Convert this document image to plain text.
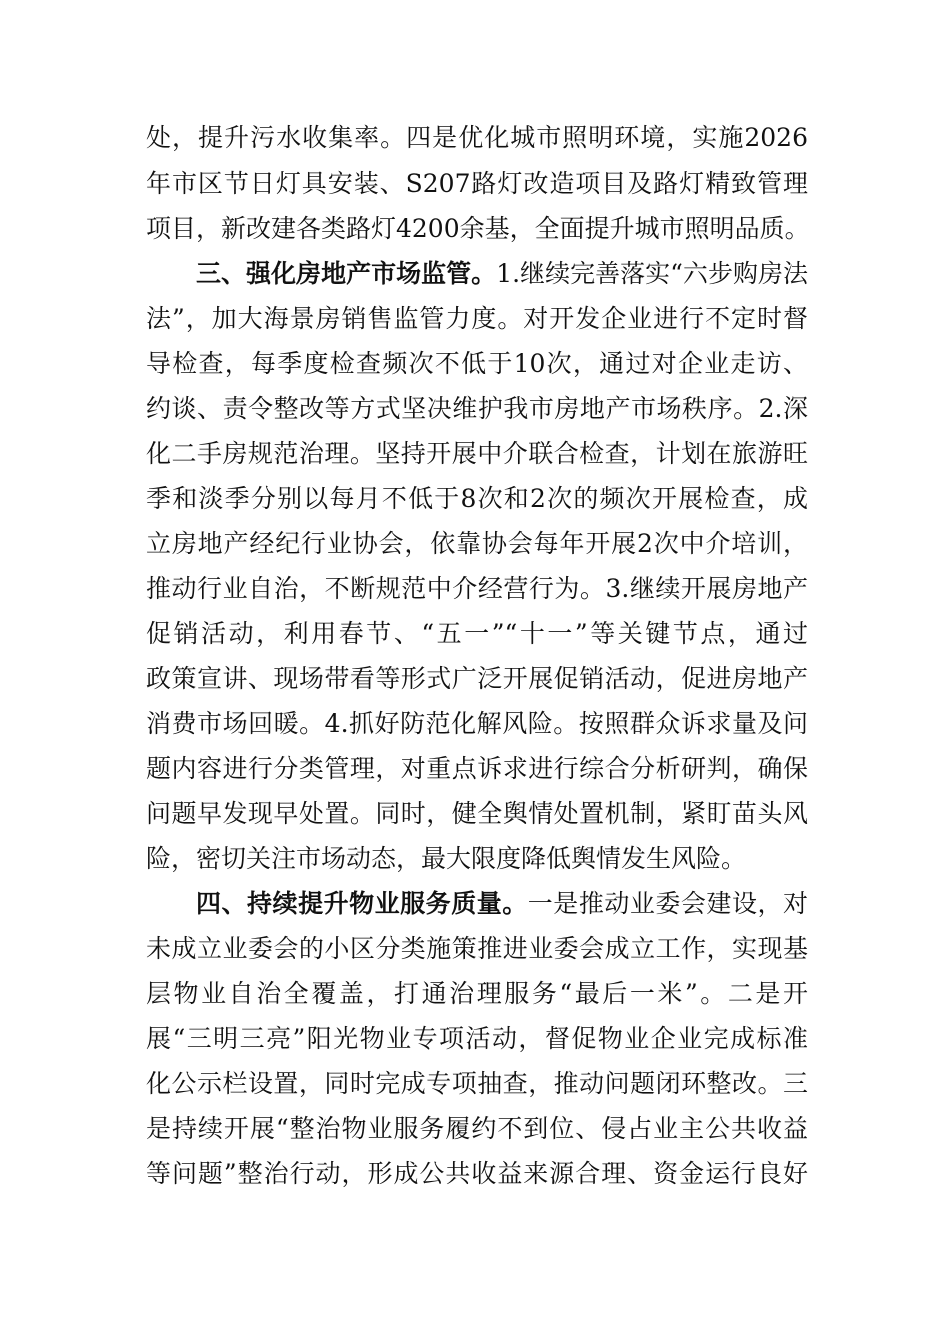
处，提升污水收集率。四是优化城市照明环境，实施2026
年市区节日灯具安装、S207路灯改造项目及路灯精致管理
项目，新改建各类路灯4200余基，全面提升城市照明品质。
三、强化房地产市场监管。1.继续完善落实“六步购房法
法”，加大海景房销售监管力度。对开发企业进行不定时督
导检查，每季度检查频次不低于10次，通过对企业走访、
约谈、责令整改等方式坚决维护我市房地产市场秩序。2.深
化二手房规范治理。坚持开展中介联合检查，计划在旅游旺
季和淡季分别以每月不低于8次和2次的频次开展检查，成
立房地产经纪行业协会，依靠协会每年开展2次中介培训，
推动行业自治，不断规范中介经营行为。3.继续开展房地产
促销活动，利用春节、“五一”“十一”等关键节点，通过
政策宣讲、现场带看等形式广泛开展促销活动，促进房地产
消费市场回暖。4.抓好防范化解风险。按照群众诉求量及问
题内容进行分类管理，对重点诉求进行综合分析研判，确保
问题早发现早处置。同时，健全舆情处置机制，紧盯苗头风
险，密切关注市场动态，最大限度降低舆情发生风险。
四、持续提升物业服务质量。一是推动业委会建设，对
未成立业委会的小区分类施策推进业委会成立工作，实现基
层物业自治全覆盖，打通治理服务“最后一米”。二是开
展“三明三亮”阳光物业专项活动，督促物业企业完成标准
化公示栏设置，同时完成专项抽查，推动问题闭环整改。三
是持续开展“整治物业服务履约不到位、侵占业主公共收益
等问题”整治行动，形成公共收益来源合理、资金运行良好
